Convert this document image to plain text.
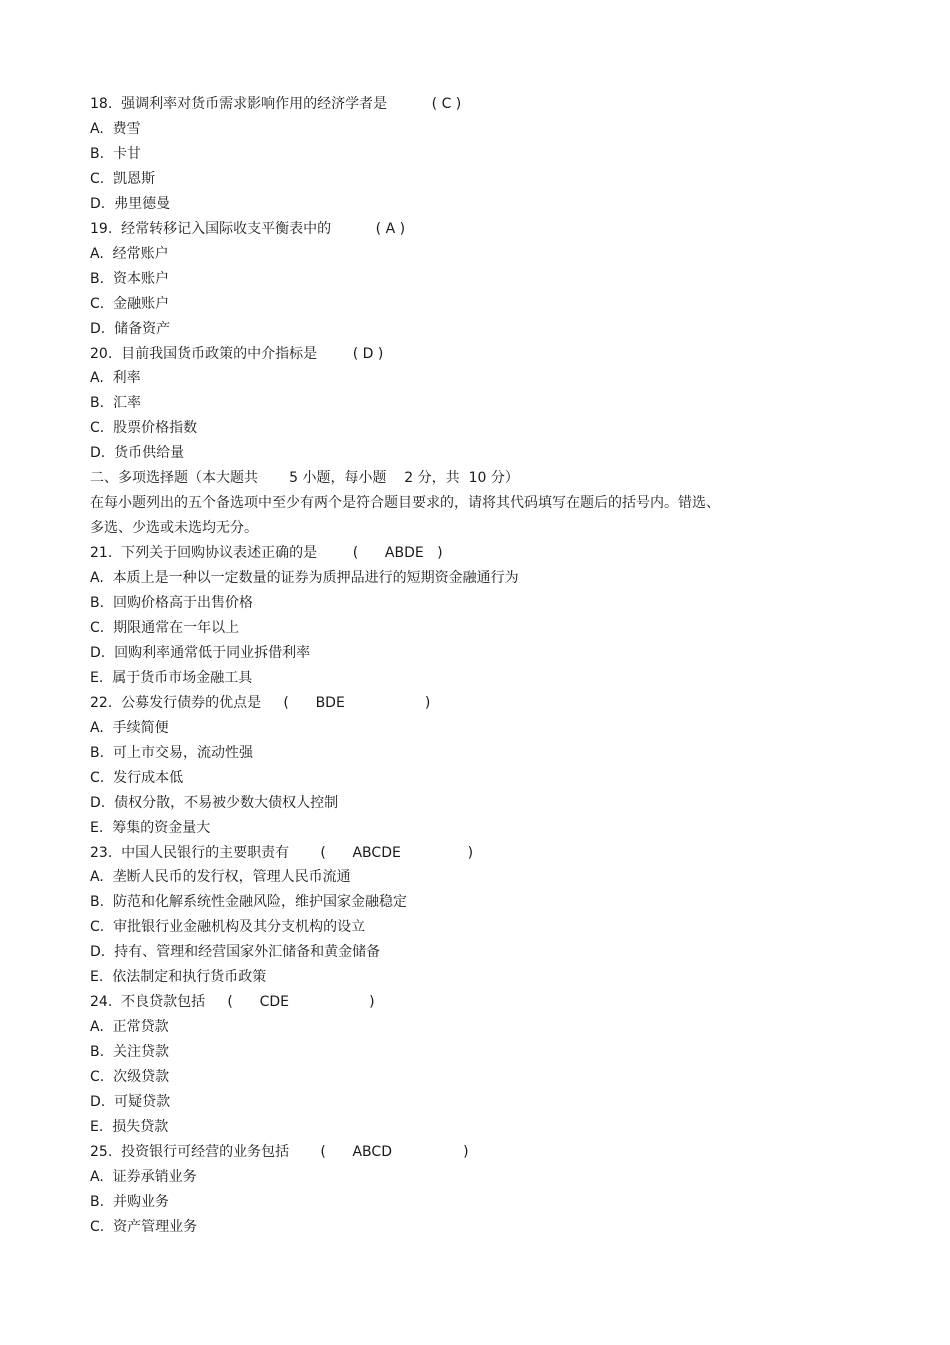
18.  强调利率对货币需求影响作用的经济学者是          ( C )
A.  费雪
B.  卡甘
C.  凯恩斯
D.  弗里德曼
19.  经常转移记入国际收支平衡表中的          ( A )
A.  经常账户
B.  资本账户
C.  金融账户
D.  储备资产
20.  目前我国货币政策的中介指标是        ( D )
A.  利率
B.  汇率
C.  股票价格指数
D.  货币供给量
二、多项选择题（本大题共       5 小题，每小题    2 分，共  10 分）
在每小题列出的五个备选项中至少有两个是符合题目要求的，请将其代码填写在题后的括号内。错选、
多选、少选或未选均无分。
21.  下列关于回购协议表述正确的是        (      ABDE   )
A.  本质上是一种以一定数量的证券为质押品进行的短期资金融通行为
B.  回购价格高于出售价格
C.  期限通常在一年以上
D.  回购利率通常低于同业拆借利率
E.  属于货币市场金融工具
22.  公募发行债券的优点是     (      BDE                  )
A.  手续简便
B.  可上市交易，流动性强
C.  发行成本低
D.  债权分散，不易被少数大债权人控制
E.  筹集的资金量大
23.  中国人民银行的主要职责有       (      ABCDE               )
A.  垄断人民币的发行权，管理人民币流通
B.  防范和化解系统性金融风险，维护国家金融稳定
C.  审批银行业金融机构及其分支机构的设立
D.  持有、管理和经营国家外汇储备和黄金储备
E.  依法制定和执行货币政策
24.  不良贷款包括     (      CDE                  )
A.  正常贷款
B.  关注贷款
C.  次级贷款
D.  可疑贷款
E.  损失贷款
25.  投资银行可经营的业务包括       (      ABCD                )
A.  证券承销业务
B.  并购业务
C.  资产管理业务
